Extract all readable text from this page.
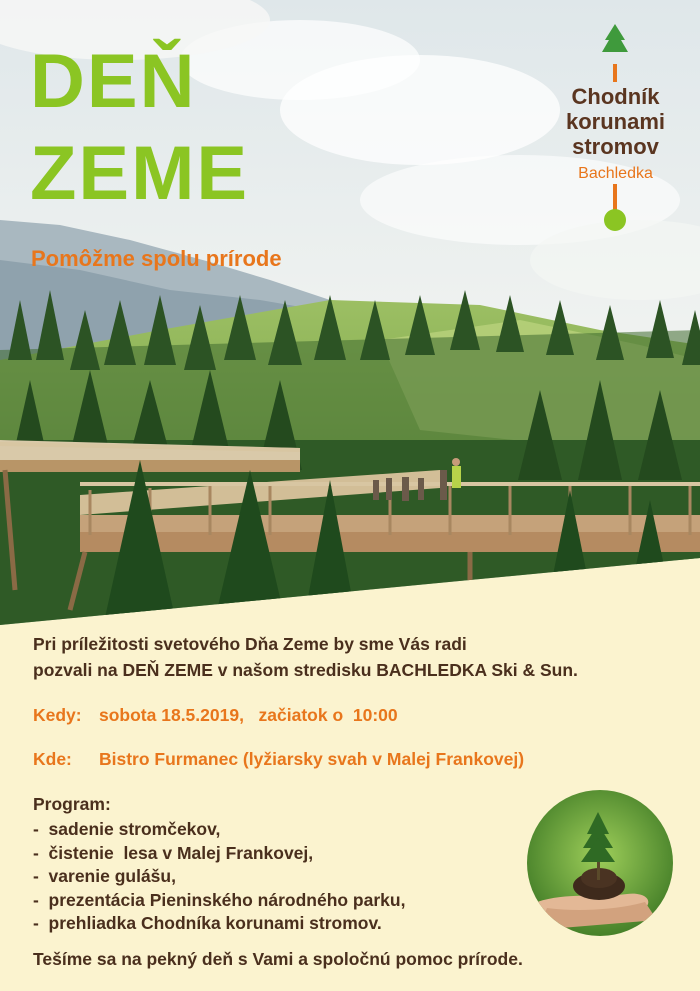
DEŇ
ZEME
Pomôžme spolu prírode
Chodník
korunami
stromov
Bachledka
Pri príležitosti svetového Dňa Zeme by sme Vás radi
pozvali na DEŇ ZEME v našom stredisku BACHLEDKA Ski & Sun.
Kedy: sobota 18.5.2019,   začiatok o  10:00
Kde: Bistro Furmanec (lyžiarsky svah v Malej Frankovej)
Program:
-  sadenie stromčekov,
-  čistenie  lesa v Malej Frankovej,
-  varenie gulášu,
-  prezentácia Pieninského národného parku,
-  prehliadka Chodníka korunami stromov.
Tešíme sa na pekný deň s Vami a spoločnú pomoc prírode.
